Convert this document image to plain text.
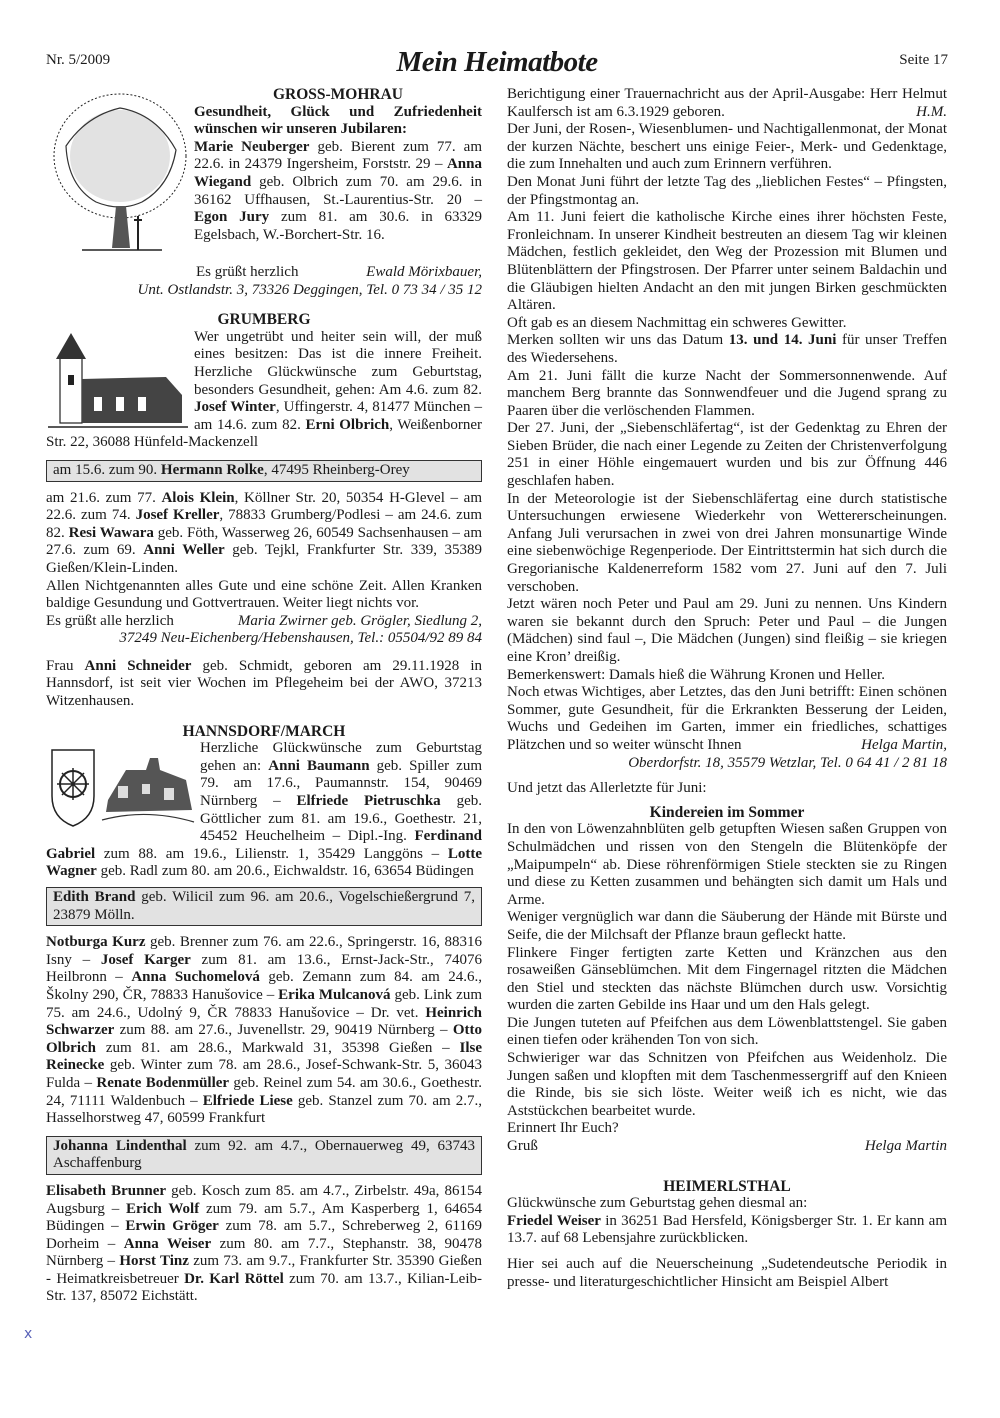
Nr. 5/2009	Mein Heimatbote	Seite 17

GROSS-MOHRAU

Gesundheit, Glück und Zufriedenheit wünschen wir unseren Jubilaren:

Marie Neuberger geb. Bierent zum 77. am 22.6. in 24379 Ingersheim, Forststr. 29 – Anna Wiegand geb. Olbrich zum 70. am 29.6. in 36162 Uffhausen, St.-Laurentius-Str. 20 – Egon Jury zum 81. am 30.6. in 63329 Egelsbach, W.-Borchert-Str. 16.

Es grüßt herzlich	Ewald Mörixbauer,

Unt. Ostlandstr. 3, 73326 Deggingen, Tel. 0 73 34 / 35 12

GRUMBERG

Wer ungetrübt und heiter sein will, der muß eines besitzen: Das ist die innere Freiheit. Herzliche Glückwünsche zum Geburtstag, besonders Gesundheit, gehen: Am 4.6. zum 82. Josef Winter, Uffingerstr. 4, 81477 München – am 14.6. zum 82. Erni Olbrich, Weißenborner Str. 22, 36088 Hünfeld-Mackenzell

am 15.6. zum 90. Hermann Rolke, 47495 Rheinberg-Orey

am 21.6. zum 77. Alois Klein, Köllner Str. 20, 50354 H-Glevel – am 22.6. zum 74. Josef Kreller, 78833 Grumberg/Podlesi – am 24.6. zum 82. Resi Wawara geb. Föth, Wasserweg 26, 60549 Sachsenhausen – am 27.6. zum 69. Anni Weller geb. Tejkl, Frankfurter Str. 339, 35389 Gießen/Klein-Linden.

Allen Nichtgenannten alles Gute und eine schöne Zeit. Allen Kranken baldige Gesundung und Gottvertrauen. Weiter liegt nichts vor.

Es grüßt alle herzlich	Maria Zwirner geb. Grögler, Siedlung 2,

37249 Neu-Eichenberg/Hebenshausen, Tel.: 05504/92 89 84

Frau Anni Schneider geb. Schmidt, geboren am 29.11.1928 in Hannsdorf, ist seit vier Wochen im Pflegeheim bei der AWO, 37213 Witzenhausen.

HANNSDORF/MARCH

Herzliche Glückwünsche zum Geburtstag gehen an: Anni Baumann geb. Spiller zum 79. am 17.6., Paumannstr. 154, 90469 Nürnberg – Elfriede Pietruschka geb. Göttlicher zum 81. am 19.6., Goethestr. 21, 45452 Heuchelheim – Dipl.-Ing. Ferdinand Gabriel zum 88. am 19.6., Lilienstr. 1, 35429 Langgöns – Lotte Wagner geb. Radl zum 80. am 20.6., Eichwaldstr. 16, 63654 Büdingen

Edith Brand geb. Wilicil zum 96. am 20.6., Vogelschießergrund 7, 23879 Mölln.

Notburga Kurz geb. Brenner zum 76. am 22.6., Springerstr. 16, 88316 Isny – Josef Karger zum 81. am 13.6., Ernst-Jack-Str., 74076 Heilbronn – Anna Suchomelová geb. Zemann zum 84. am 24.6., Školny 290, ČR, 78833 Hanušovice – Erika Mulcanová geb. Link zum 75. am 24.6., Udolný 9, ČR 78833 Hanušovice – Dr. vet. Heinrich Schwarzer zum 88. am 27.6., Juvenellstr. 29, 90419 Nürnberg – Otto Olbrich zum 81. am 28.6., Markwald 31, 35398 Gießen – Ilse Reinecke geb. Winter zum 78. am 28.6., Josef-Schwank-Str. 5, 36043 Fulda – Renate Bodenmüller geb. Reinel zum 54. am 30.6., Goethestr. 24, 71111 Waldenbuch – Elfriede Liese geb. Stanzel zum 70. am 2.7., Hasselhorstweg 47, 60599 Frankfurt

Johanna Lindenthal zum 92. am 4.7., Obernauerweg 49, 63743 Aschaffenburg

Elisabeth Brunner geb. Kosch zum 85. am 4.7., Zirbelstr. 49a, 86154 Augsburg – Erich Wolf zum 79. am 5.7., Am Kasperberg 1, 64654 Büdingen – Erwin Gröger zum 78. am 5.7., Schreberweg 2, 61169 Dorheim – Anna Weiser zum 80. am 7.7., Stephanstr. 38, 90478 Nürnberg – Horst Tinz zum 73. am 9.7., Frankfurter Str. 35390 Gießen - Heimatkreisbetreuer Dr. Karl Röttel zum 70. am 13.7., Kilian-Leib-Str. 137, 85072 Eichstätt.

x

Berichtigung einer Trauernachricht aus der April-Ausgabe: Herr Helmut Kaulfersch ist am 6.3.1929 geboren.	H.M.

Der Juni, der Rosen-, Wiesenblumen- und Nachtigallenmonat, der Monat der kurzen Nächte, beschert uns einige Feier-, Merk- und Gedenktage, die zum Innehalten und auch zum Erinnern verführen.

Den Monat Juni führt der letzte Tag des „lieblichen Festes“ – Pfingsten, der Pfingstmontag an.

Am 11. Juni feiert die katholische Kirche eines ihrer höchsten Feste, Fronleichnam. In unserer Kindheit bestreuten an diesem Tag wir kleinen Mädchen, festlich gekleidet, den Weg der Prozession mit Blumen und Blütenblättern der Pfingstrosen. Der Pfarrer unter seinem Baldachin und die Gläubigen hielten Andacht an den mit jungen Birken geschmückten Altären.

Oft gab es an diesem Nachmittag ein schweres Gewitter.

Merken sollten wir uns das Datum 13. und 14. Juni für unser Treffen des Wiedersehens.

Am 21. Juni fällt die kurze Nacht der Sommersonnenwende. Auf manchem Berg brannte das Sonnwendfeuer und die Jugend sprang zu Paaren über die verlöschenden Flammen.

Der 27. Juni, der „Siebenschläfertag“, ist der Gedenktag zu Ehren der Sieben Brüder, die nach einer Legende zu Zeiten der Christenverfolgung 251 in einer Höhle eingemauert wurden und bis zur Öffnung 446 geschlafen haben.

In der Meteorologie ist der Siebenschläfertag eine durch statistische Untersuchungen erwiesene Wiederkehr von Wettererscheinungen. Anfang Juli verursachen in zwei von drei Jahren monsunartige Winde eine siebenwöchige Regenperiode. Der Eintrittstermin hat sich durch die Gregorianische Kaldenerreform 1582 vom 27. Juni auf den 7. Juli verschoben.

Jetzt wären noch Peter und Paul am 29. Juni zu nennen. Uns Kindern waren sie bekannt durch den Spruch: Peter und Paul – die Jungen (Mädchen) sind faul –, Die Mädchen (Jungen) sind fleißig – sie kriegen eine Kron’ dreißig.

Bemerkenswert: Damals hieß die Währung Kronen und Heller.

Noch etwas Wichtiges, aber Letztes, das den Juni betrifft: Einen schönen Sommer, gute Gesundheit, für die Erkrankten Besserung der Leiden, Wuchs und Gedeihen im Garten, immer ein friedliches, schattiges Plätzchen und so weiter wünscht Ihnen	Helga Martin,

Oberdorfstr. 18, 35579 Wetzlar, Tel. 0 64 41 / 2 81 18

Und jetzt das Allerletzte für Juni:

Kindereien im Sommer

In den von Löwenzahnblüten gelb getupften Wiesen saßen Gruppen von Schulmädchen und rissen von den Stengeln die Blütenköpfe der „Maipumpeln“ ab. Diese röhrenförmigen Stiele steckten sie zu Ringen und diese zu Ketten zusammen und behängten sich damit um Hals und Arme.

Weniger vergnüglich war dann die Säuberung der Hände mit Bürste und Seife, die der Milchsaft der Pflanze braun gefleckt hatte.

Flinkere Finger fertigten zarte Ketten und Kränzchen aus den rosaweißen Gänseblümchen. Mit dem Fingernagel ritzten die Mädchen den Stiel und steckten das nächste Blümchen durch usw. Vorsichtig wurden die zarten Gebilde ins Haar und um den Hals gelegt.

Die Jungen tuteten auf Pfeifchen aus dem Löwenblattstengel. Sie gaben einen tiefen oder krähenden Ton von sich.

Schwieriger war das Schnitzen von Pfeifchen aus Weidenholz. Die Jungen saßen und klopften mit dem Taschenmessergriff auf den Knieen die Rinde, bis sie sich löste. Weiter weiß ich es nicht, wie das Aststückchen bearbeitet wurde.

Erinnert Ihr Euch?

Gruß	Helga Martin

HEIMERLSTHAL

Glückwünsche zum Geburtstag gehen diesmal an:

Friedel Weiser in 36251 Bad Hersfeld, Königsberger Str. 1. Er kann am 13.7. auf 68 Lebensjahre zurückblicken.

Hier sei auch auf die Neuerscheinung „Sudetendeutsche Periodik in presse- und literaturgeschichtlicher Hinsicht am Beispiel Albert
